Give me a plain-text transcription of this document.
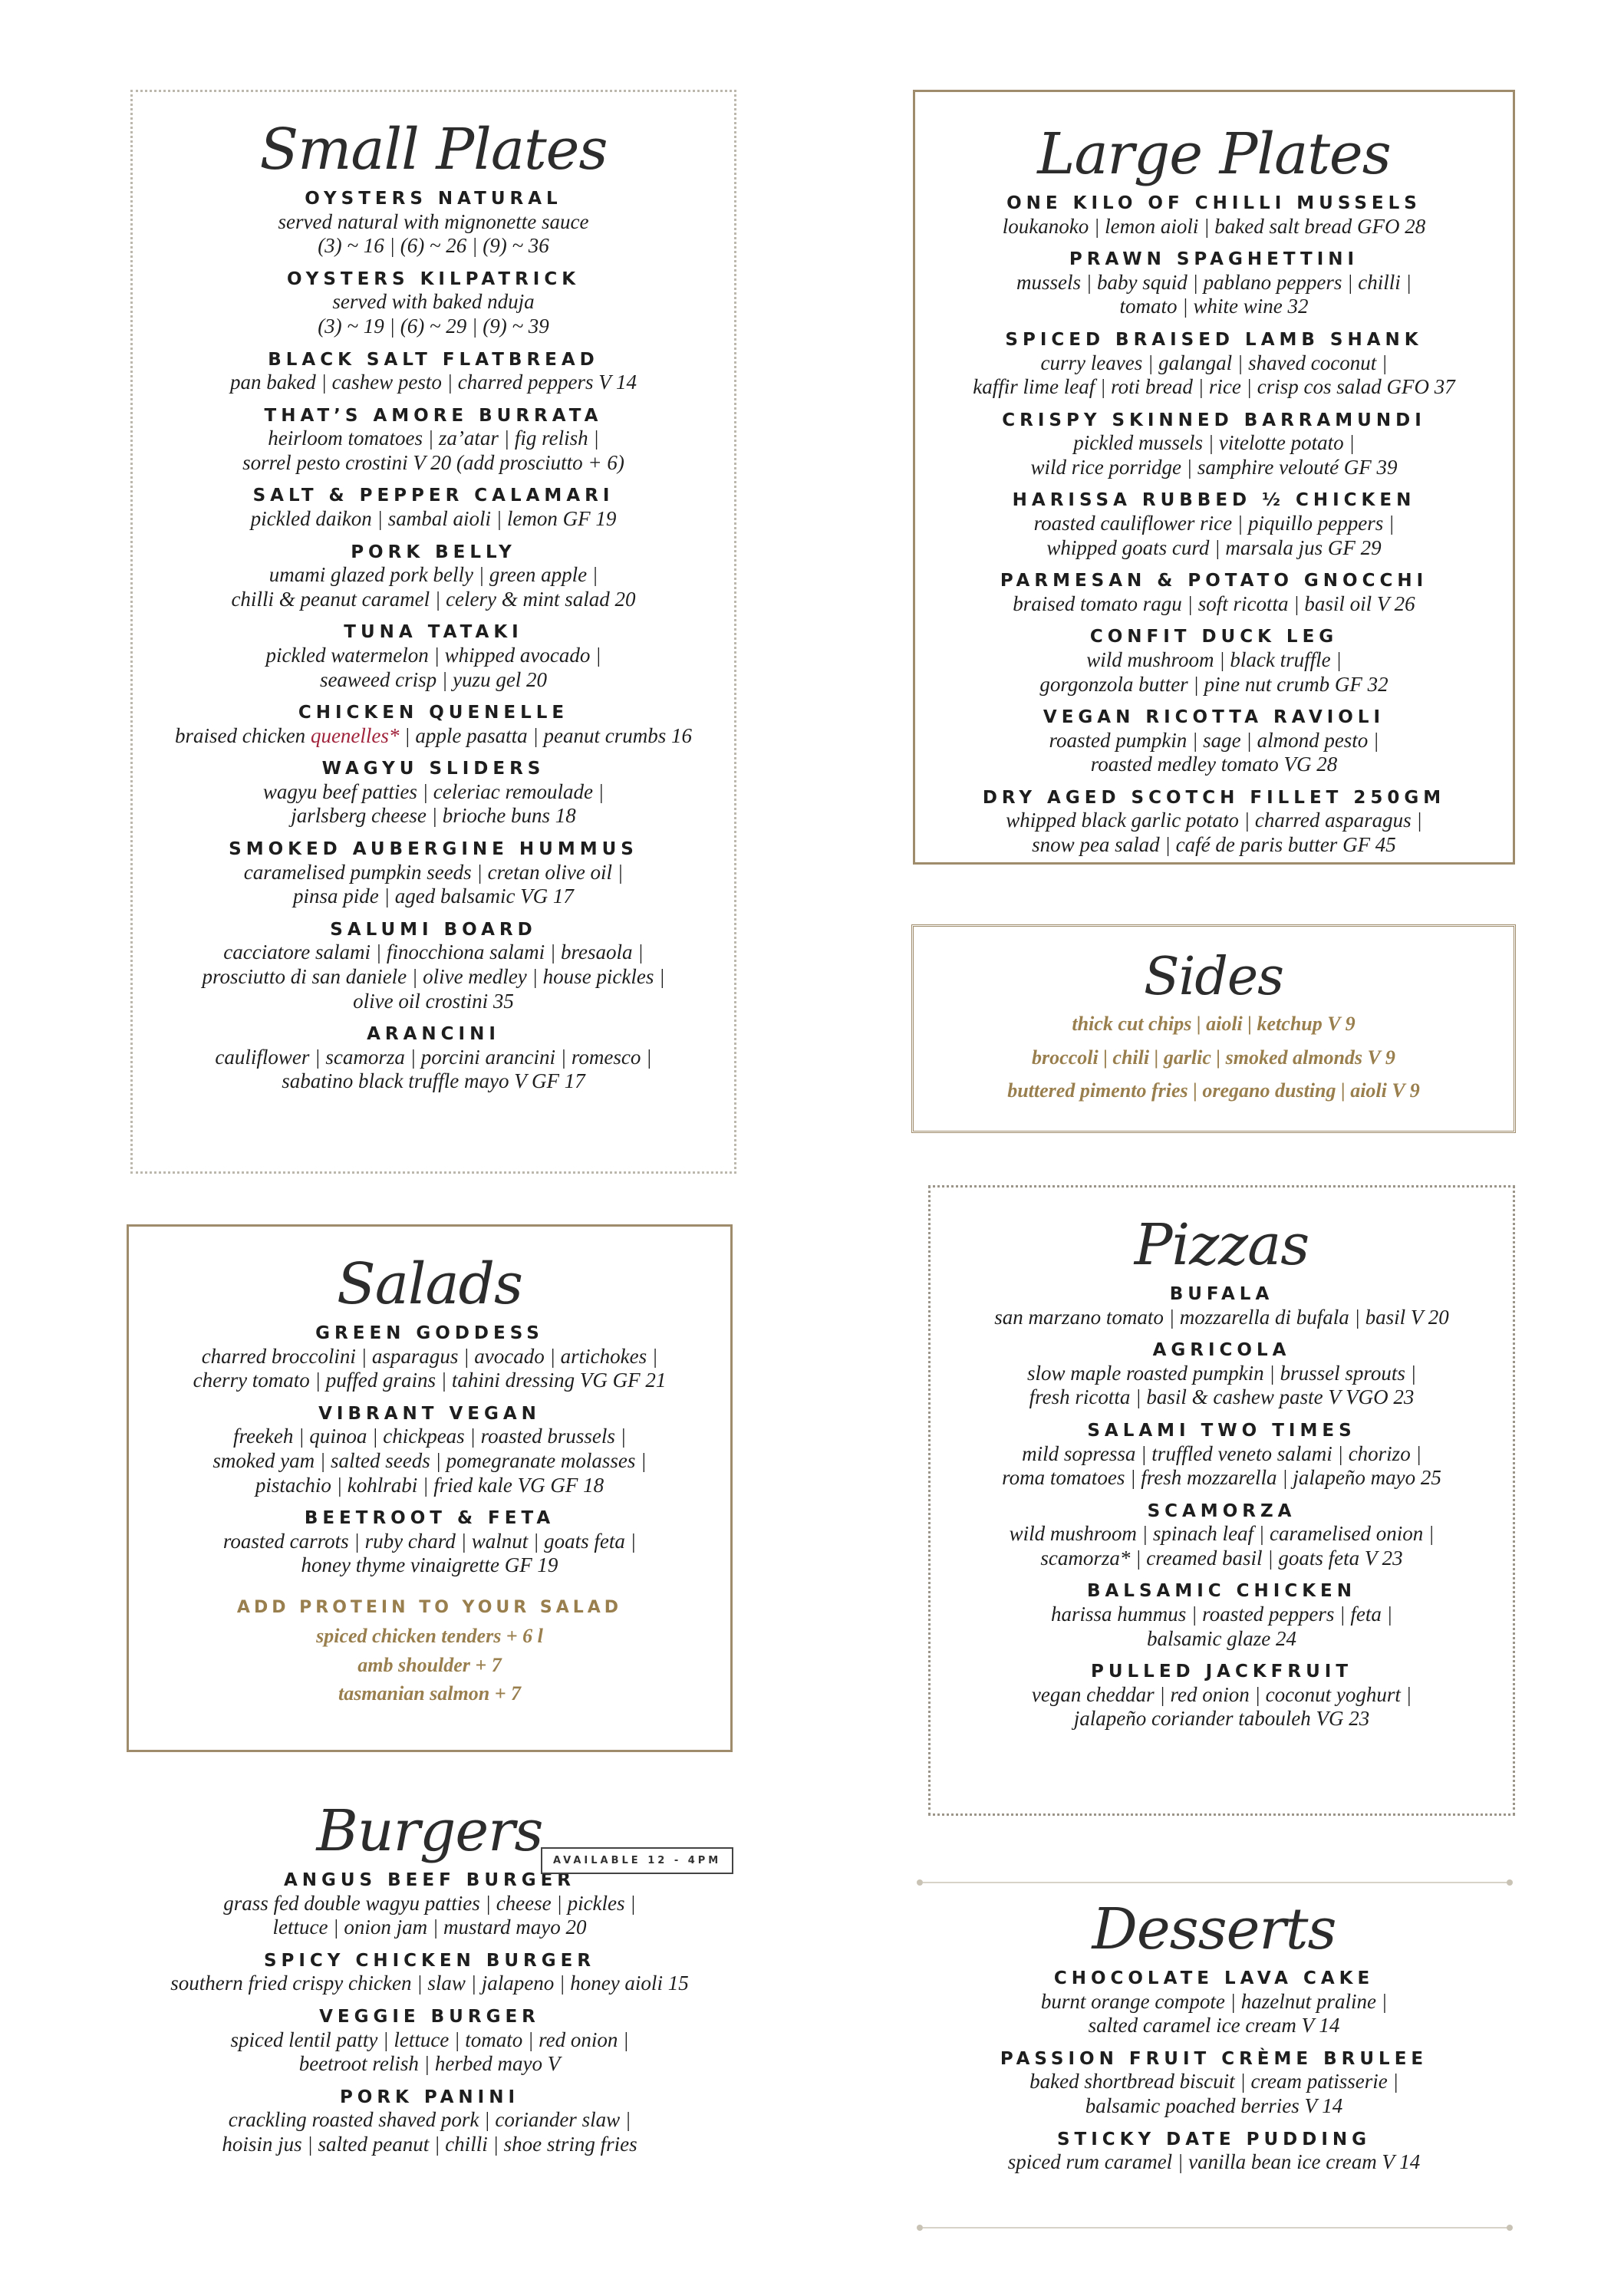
Small Plates
OYSTERS NATURAL
served natural with mignonette sauce
(3) ~ 16 | (6) ~ 26 | (9) ~ 36
OYSTERS KILPATRICK
served with baked nduja
(3) ~ 19 | (6) ~ 29 | (9) ~ 39
BLACK SALT FLATBREAD
pan baked | cashew pesto | charred peppers V 14
THAT’S AMORE BURRATA
heirloom tomatoes | za’atar | fig relish |
sorrel pesto crostini V 20 (add prosciutto + 6)
SALT & PEPPER CALAMARI
pickled daikon | sambal aioli | lemon GF 19
PORK BELLY
umami glazed pork belly | green apple |
chilli & peanut caramel | celery & mint salad 20
TUNA TATAKI
pickled watermelon | whipped avocado |
seaweed crisp | yuzu gel 20
CHICKEN QUENELLE
braised chicken quenelles* | apple pasatta | peanut crumbs 16
WAGYU SLIDERS
wagyu beef patties | celeriac remoulade |
jarlsberg cheese | brioche buns 18
SMOKED AUBERGINE HUMMUS
caramelised pumpkin seeds | cretan olive oil |
pinsa pide | aged balsamic VG 17
SALUMI BOARD
cacciatore salami | finocchiona salami | bresaola |
prosciutto di san daniele | olive medley | house pickles |
olive oil crostini 35
ARANCINI
cauliflower | scamorza | porcini arancini | romesco |
sabatino black truffle mayo V GF 17
Large Plates
ONE KILO OF CHILLI MUSSELS
loukanoko | lemon aioli | baked salt bread GFO 28
PRAWN SPAGHETTINI
mussels | baby squid | pablano peppers | chilli |
tomato | white wine 32
SPICED BRAISED LAMB SHANK
curry leaves | galangal | shaved coconut |
kaffir lime leaf | roti bread | rice | crisp cos salad GFO 37
CRISPY SKINNED BARRAMUNDI
pickled mussels | vitelotte potato |
wild rice porridge | samphire velouté GF 39
HARISSA RUBBED ½ CHICKEN
roasted cauliflower rice | piquillo peppers |
whipped goats curd | marsala jus GF 29
PARMESAN & POTATO GNOCCHI
braised tomato ragu | soft ricotta | basil oil V 26
CONFIT DUCK LEG
wild mushroom | black truffle |
gorgonzola butter | pine nut crumb GF 32
VEGAN RICOTTA RAVIOLI
roasted pumpkin | sage | almond pesto |
roasted medley tomato VG 28
DRY AGED SCOTCH FILLET 250GM
whipped black garlic potato | charred asparagus |
snow pea salad | café de paris butter GF 45
Sides
thick cut chips | aioli | ketchup V 9
broccoli | chili | garlic | smoked almonds V 9
buttered pimento fries | oregano dusting | aioli V 9
Salads
GREEN GODDESS
charred broccolini | asparagus | avocado | artichokes |
cherry tomato | puffed grains | tahini dressing VG GF 21
VIBRANT VEGAN
freekeh | quinoa | chickpeas | roasted brussels |
smoked yam | salted seeds | pomegranate molasses |
pistachio | kohlrabi | fried kale VG GF 18
BEETROOT & FETA
roasted carrots | ruby chard | walnut | goats feta |
honey thyme vinaigrette GF 19
ADD PROTEIN TO YOUR SALAD
spiced chicken tenders + 6 l
amb shoulder + 7
tasmanian salmon + 7
Pizzas
BUFALA
san marzano tomato | mozzarella di bufala | basil V 20
AGRICOLA
slow maple roasted pumpkin | brussel sprouts |
fresh ricotta | basil & cashew paste V VGO 23
SALAMI TWO TIMES
mild sopressa | truffled veneto salami | chorizo |
roma tomatoes | fresh mozzarella | jalapeño mayo 25
SCAMORZA
wild mushroom | spinach leaf | caramelised onion |
scamorza* | creamed basil | goats feta V 23
BALSAMIC CHICKEN
harissa hummus | roasted peppers | feta |
balsamic glaze 24
PULLED JACKFRUIT
vegan cheddar | red onion | coconut yoghurt |
jalapeño coriander tabouleh VG 23
Burgers
ANGUS BEEF BURGER
grass fed double wagyu patties | cheese | pickles |
lettuce | onion jam | mustard mayo 20
SPICY CHICKEN BURGER
southern fried crispy chicken | slaw | jalapeno | honey aioli 15
VEGGIE BURGER
spiced lentil patty | lettuce | tomato | red onion |
beetroot relish | herbed mayo V
PORK PANINI
crackling roasted shaved pork | coriander slaw |
hoisin jus | salted peanut | chilli | shoe string fries
AVAILABLE 12 - 4PM
Desserts
CHOCOLATE LAVA CAKE
burnt orange compote | hazelnut praline |
salted caramel ice cream V 14
PASSION FRUIT CRÈME BRULEE
baked shortbread biscuit | cream patisserie |
balsamic poached berries V 14
STICKY DATE PUDDING
spiced rum caramel | vanilla bean ice cream V 14
